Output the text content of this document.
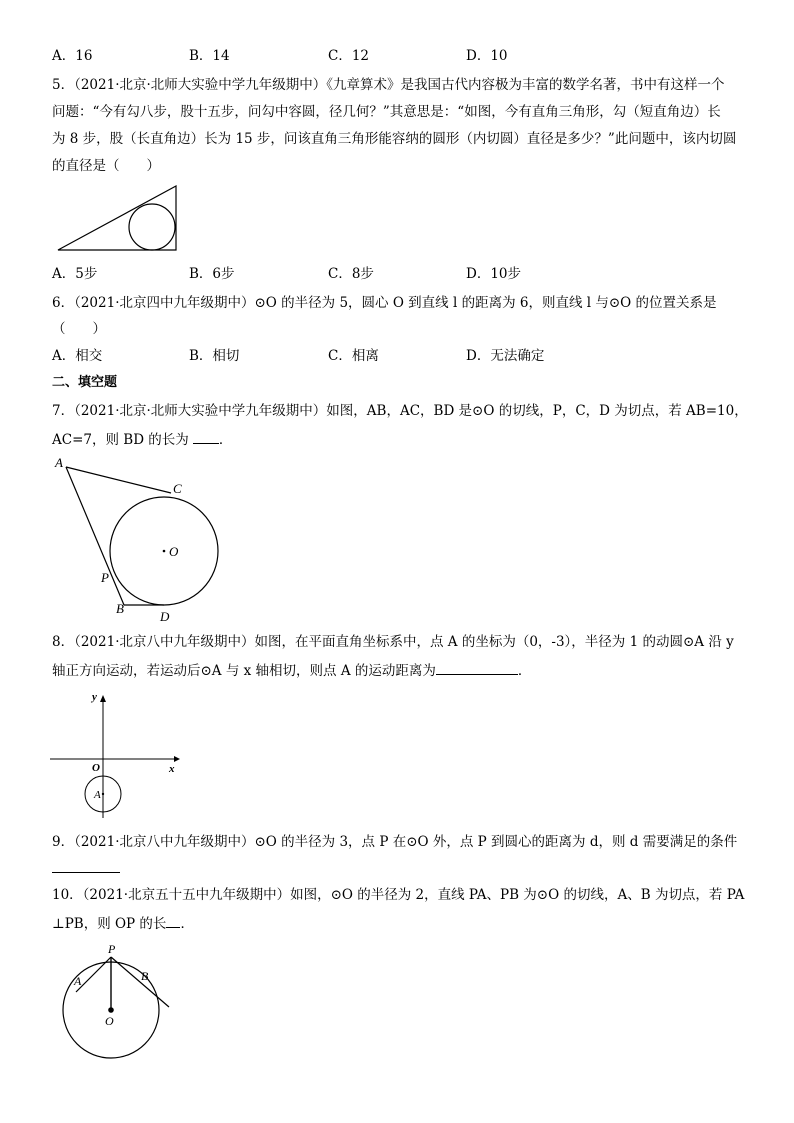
A．16	B．14	C．12	D．10
5．（2021·北京·北师大实验中学九年级期中）《九章算术》是我国古代内容极为丰富的数学名著，书中有这样一个
问题：“今有勾八步，股十五步，问勾中容圆，径几何？”其意思是：“如图，今有直角三角形，勾（短直角边）长
为 8 步，股（长直角边）长为 15 步，问该直角三角形能容纳的圆形（内切圆）直径是多少？”此问题中，该内切圆
的直径是（　　）
A．5步	B．6步	C．8步	D．10步
6．（2021·北京四中九年级期中）⊙O 的半径为 5，圆心 O 到直线 l 的距离为 6，则直线 l 与⊙O 的位置关系是
（　　）
A．相交	B．相切	C．相离	D．无法确定
二、填空题
7．（2021·北京·北师大实验中学九年级期中）如图，AB，AC，BD 是⊙O 的切线，P，C，D 为切点，若 AB=10，
AC=7，则 BD 的长为 ．
A
C
O
P
B
D
8．（2021·北京八中九年级期中）如图，在平面直角坐标系中，点 A 的坐标为（0，-3），半径为 1 的动圆⊙A 沿 y
轴正方向运动，若运动后⊙A 与 x 轴相切，则点 A 的运动距离为	．
y
x
O
A
9．（2021·北京八中九年级期中）⊙O 的半径为 3，点 P 在⊙O 外，点 P 到圆心的距离为 d，则 d 需要满足的条件
10．（2021·北京五十五中九年级期中）如图，⊙O 的半径为 2，直线 PA、PB 为⊙O 的切线，A、B 为切点，若 PA
⊥PB，则 OP 的长 ．
P
A	B
O
